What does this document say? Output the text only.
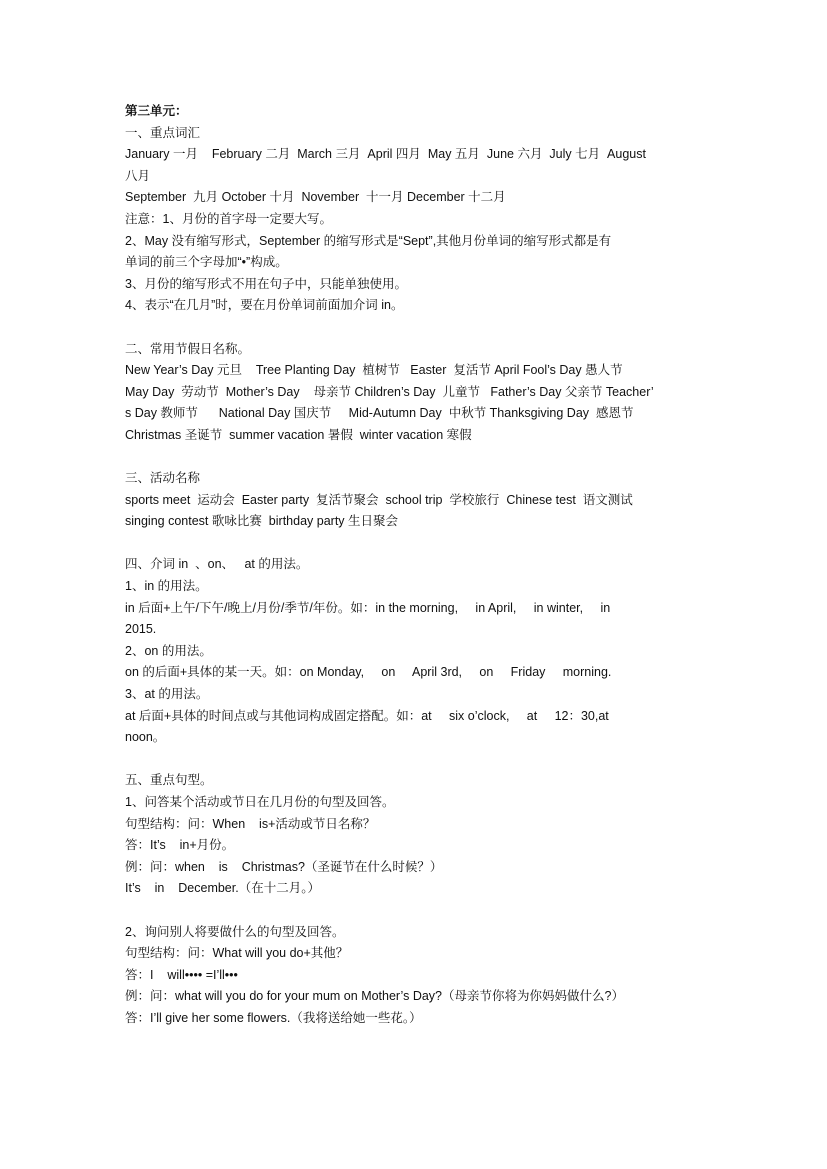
第三单元：
一、重点词汇
January 一月    February 二月  March 三月  April 四月  May 五月  June 六月  July 七月  August
八月
September  九月 October 十月  November  十一月 December 十二月
注意：1、月份的首字母一定要大写。
2、May 没有缩写形式，September 的缩写形式是“Sept”,其他月份单词的缩写形式都是有
单词的前三个字母加“•”构成。
3、月份的缩写形式不用在句子中，只能单独使用。
4、表示“在几月”时，要在月份单词前面加介词 in。
二、常用节假日名称。
New Year’s Day 元旦    Tree Planting Day  植树节   Easter  复活节 April Fool’s Day 愚人节
May Day  劳动节  Mother’s Day    母亲节 Children’s Day  儿童节   Father’s Day 父亲节 Teacher’
s Day 教师节      National Day 国庆节     Mid-Autumn Day  中秋节 Thanksgiving Day  感恩节
Christmas 圣诞节  summer vacation 暑假  winter vacation 寒假
三、活动名称
sports meet  运动会  Easter party  复活节聚会  school trip  学校旅行  Chinese test  语文测试
singing contest 歌咏比赛  birthday party 生日聚会
四、介词 in  、on、   at 的用法。
1、in 的用法。
in 后面+上午/下午/晚上/月份/季节/年份。如：in the morning,     in April,     in winter,     in
2015.
2、on 的用法。
on 的后面+具体的某一天。如：on Monday,     on     April 3rd,     on     Friday     morning.
3、at 的用法。
at 后面+具体的时间点或与其他词构成固定搭配。如：at     six o’clock,     at     12：30,at
noon。
五、重点句型。
1、问答某个活动或节日在几月份的句型及回答。
句型结构：问：When    is+活动或节日名称？
答：It’s    in+月份。
例：问：when    is    Christmas?（圣诞节在什么时候？）
It’s    in    December.（在十二月。）
2、询问别人将要做什么的句型及回答。
句型结构：问：What will you do+其他？
答：I    will•••• =I’ll•••
例：问：what will you do for your mum on Mother’s Day?（母亲节你将为你妈妈做什么?）
答：I’ll give her some flowers.（我将送给她一些花。）
